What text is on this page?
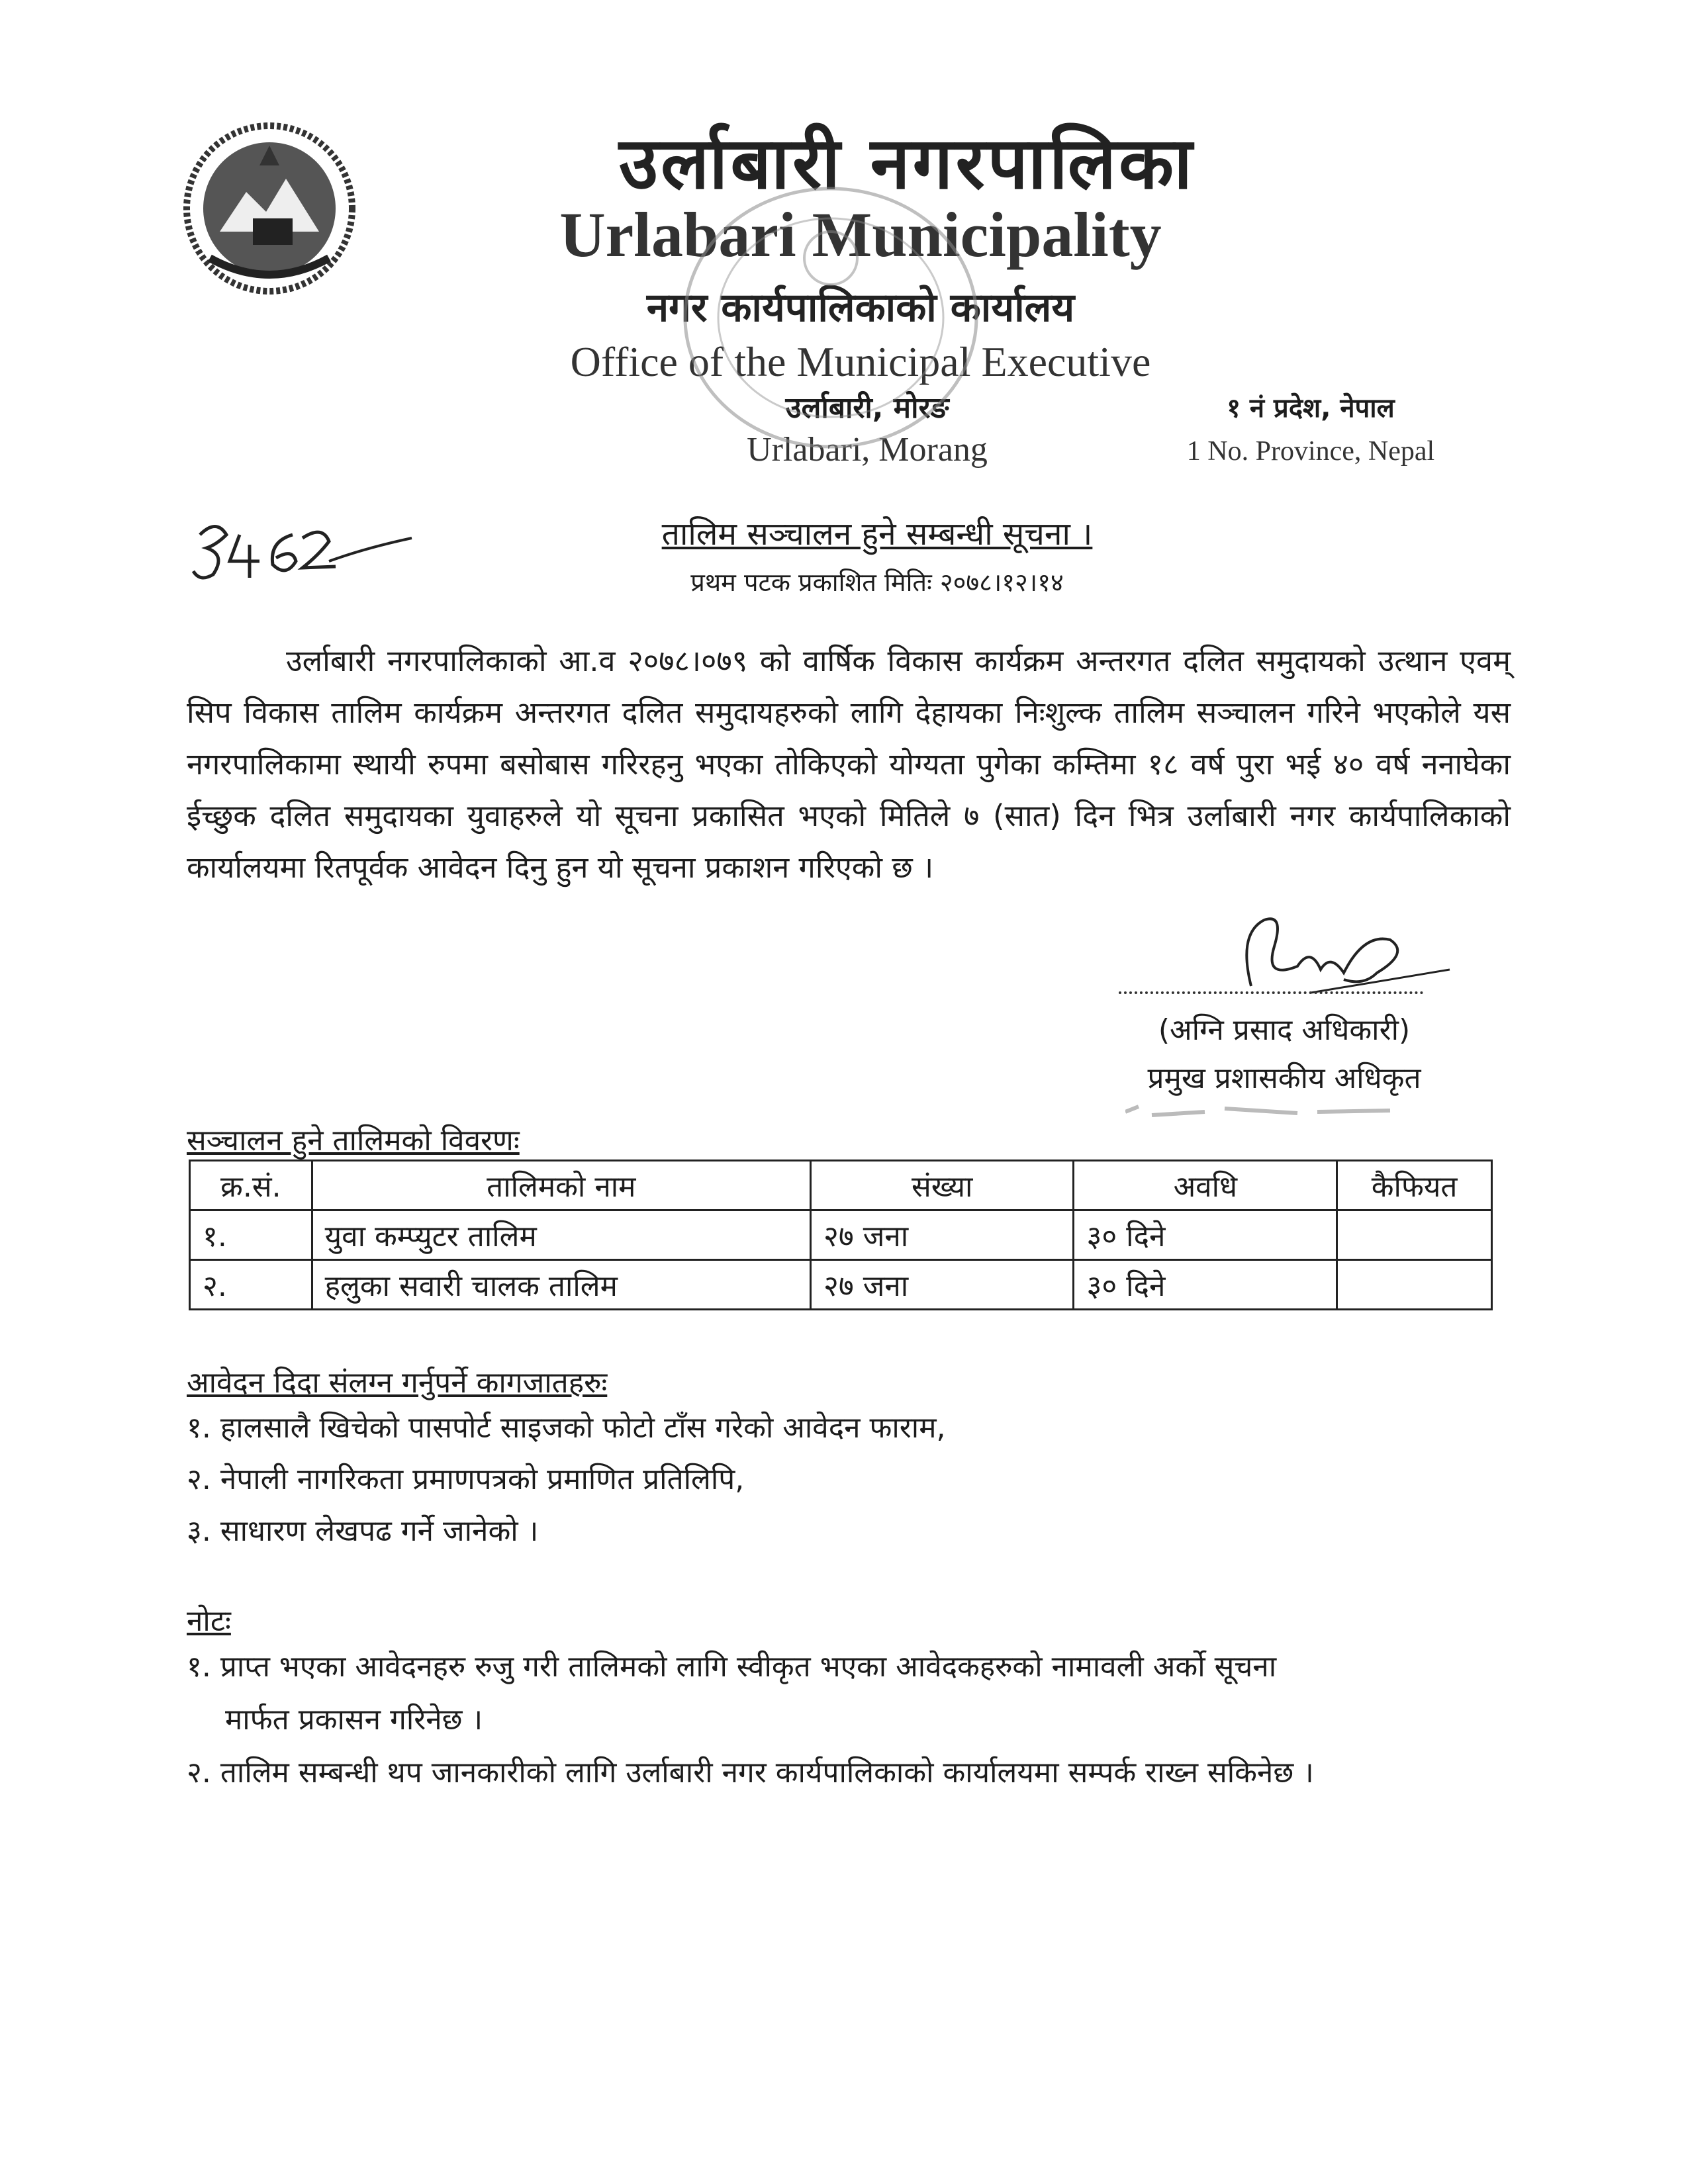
उर्लाबारी नगरपालिका
Urlabari Municipality
नगर कार्यपालिकाको कार्यालय
Office of the Municipal Executive
उर्लाबारी, मोरङ
Urlabari, Morang
१ नं प्रदेश, नेपाल
1 No. Province, Nepal
तालिम सञ्चालन हुने सम्बन्धी सूचना ।
प्रथम पटक प्रकाशित मितिः २०७८।१२।१४

उर्लाबारी नगरपालिकाको आ.व २०७८।०७९ को वार्षिक विकास कार्यक्रम अन्तरगत दलित समुदायको उत्थान एवम् सिप विकास तालिम कार्यक्रम अन्तरगत दलित समुदायहरुको लागि देहायका निःशुल्क तालिम सञ्चालन गरिने भएकोले यस नगरपालिकामा स्थायी रुपमा बसोबास गरिरहनु भएका तोकिएको योग्यता पुगेका कम्तिमा १८ वर्ष पुरा भई ४० वर्ष ननाघेका ईच्छुक दलित समुदायका युवाहरुले यो सूचना प्रकासित भएको मितिले ७ (सात) दिन भित्र उर्लाबारी नगर कार्यपालिकाको कार्यालयमा रितपूर्वक आवेदन दिनु हुन यो सूचना प्रकाशन गरिएको छ ।

(अग्नि प्रसाद अधिकारी)
प्रमुख प्रशासकीय अधिकृत
सञ्चालन हुने तालिमको विवरणः
क्र.सं.	तालिमको नाम	संख्या	अवधि	कैफियत
१.	युवा कम्प्युटर तालिम	२७ जना	३० दिने	
२.	हलुका सवारी चालक तालिम	२७ जना	३० दिने	
आवेदन दिदा संलग्न गर्नुपर्ने कागजातहरुः
१. हालसालै खिचेको पासपोर्ट साइजको फोटो टाँस गरेको आवेदन फाराम,
२. नेपाली नागरिकता प्रमाणपत्रको प्रमाणित प्रतिलिपि,
३. साधारण लेखपढ गर्ने जानेको ।
नोटः
१. प्राप्त भएका आवेदनहरु रुजु गरी तालिमको लागि स्वीकृत भएका आवेदकहरुको नामावली अर्को सूचना
मार्फत प्रकासन गरिनेछ ।
२. तालिम सम्बन्धी थप जानकारीको लागि उर्लाबारी नगर कार्यपालिकाको कार्यालयमा सम्पर्क राख्न सकिनेछ ।
